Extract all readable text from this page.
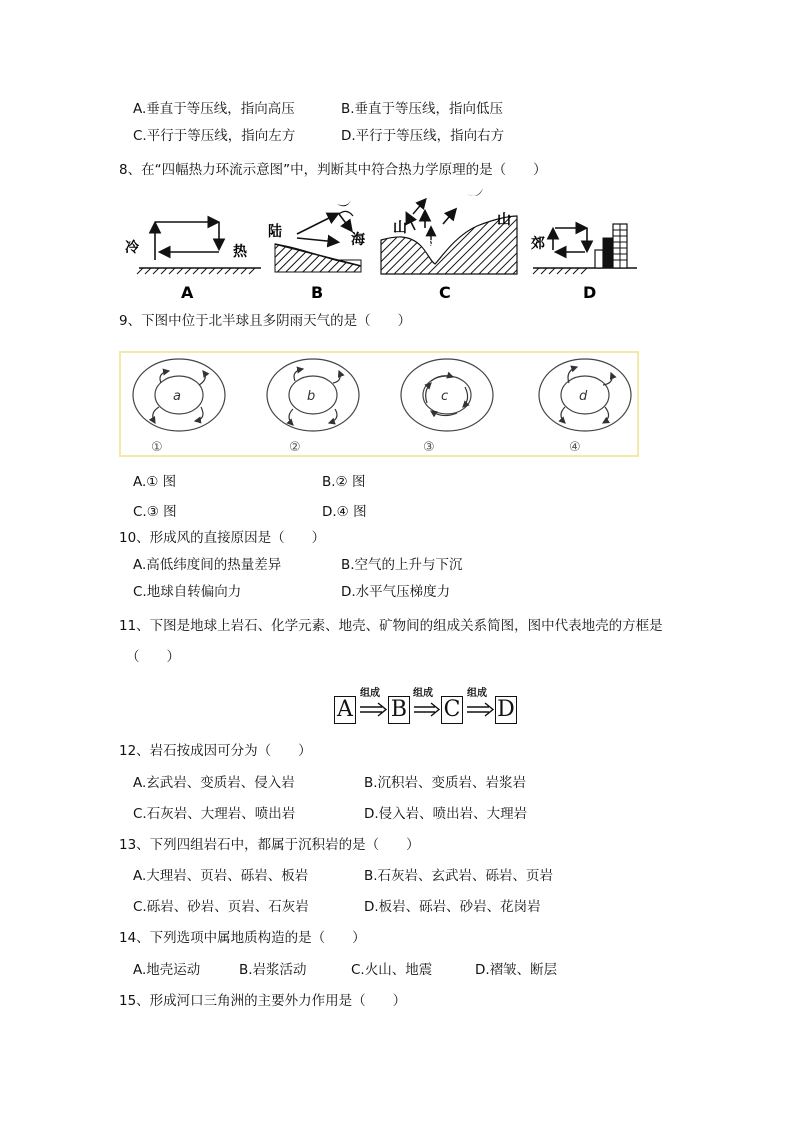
A.垂直于等压线，指向高压	B.垂直于等压线，指向低压
C.平行于等压线，指向左方	D.平行于等压线，指向右方
8、在“四幅热力环流示意图”中，判断其中符合热力学原理的是（　　）
冷	热
A
陆	海
B
山
谷
山
C
郊
D
9、下图中位于北半球且多阴雨天气的是（　　）
a
①
b
②
c
③
d
④
A.① 图	B.② 图
C.③ 图	D.④ 图
10、形成风的直接原因是（　　）
A.高低纬度间的热量差异	B.空气的上升与下沉
C.地球自转偏向力	D.水平气压梯度力
11、下图是地球上岩石、化学元素、地壳、矿物间的组成关系简图，图中代表地壳的方框是
（　　）
A B C D
组成	组成	组成
12、岩石按成因可分为（　　）
A.玄武岩、变质岩、侵入岩	B.沉积岩、变质岩、岩浆岩
C.石灰岩、大理岩、喷出岩	D.侵入岩、喷出岩、大理岩
13、下列四组岩石中，都属于沉积岩的是（　　）
A.大理岩、页岩、砾岩、板岩	B.石灰岩、玄武岩、砾岩、页岩
C.砾岩、砂岩、页岩、石灰岩	D.板岩、砾岩、砂岩、花岗岩
14、下列选项中属地质构造的是（　　）
A.地壳运动	B.岩浆活动	C.火山、地震	D.褶皱、断层
15、形成河口三角洲的主要外力作用是（　　）
